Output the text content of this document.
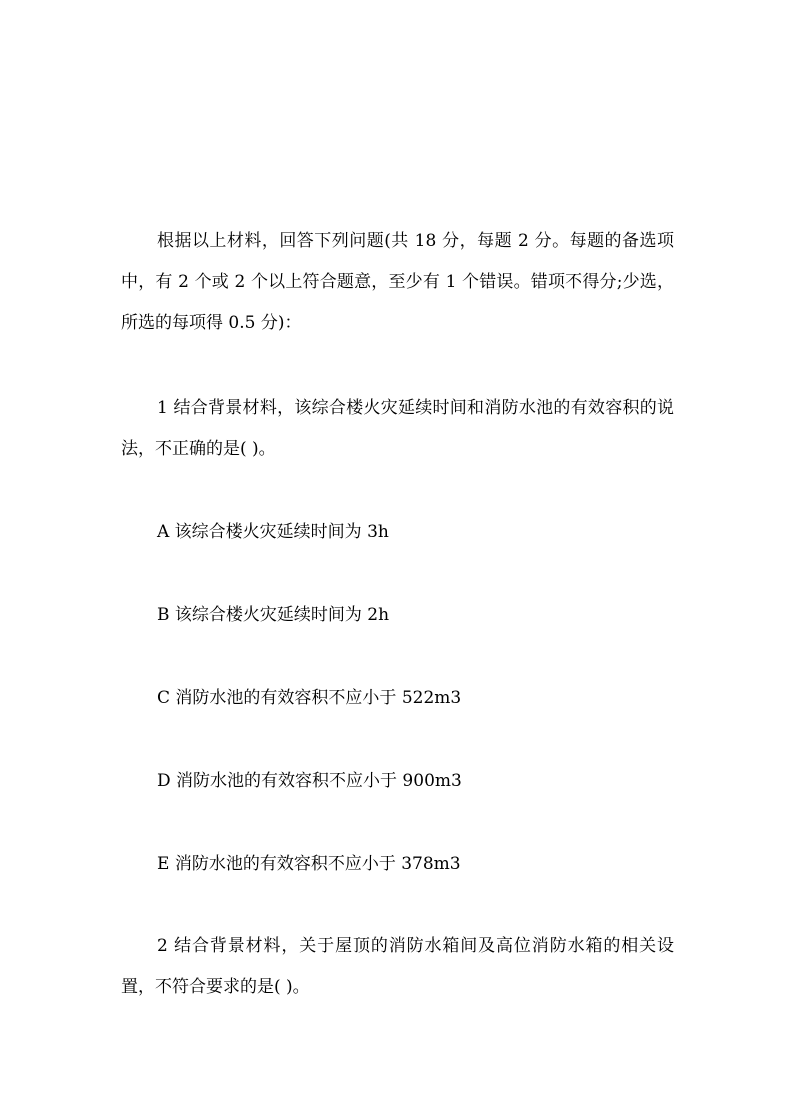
根据以上材料，回答下列问题(共 18 分，每题 2 分。每题的备选项中，有 2 个或 2 个以上符合题意，至少有 1 个错误。错项不得分;少选，所选的每项得 0.5 分)：

1 结合背景材料，该综合楼火灾延续时间和消防水池的有效容积的说法，不正确的是( )。

A 该综合楼火灾延续时间为 3h

B 该综合楼火灾延续时间为 2h

C 消防水池的有效容积不应小于 522m3

D 消防水池的有效容积不应小于 900m3

E 消防水池的有效容积不应小于 378m3

2 结合背景材料，关于屋顶的消防水箱间及高位消防水箱的相关设置，不符合要求的是( )。
